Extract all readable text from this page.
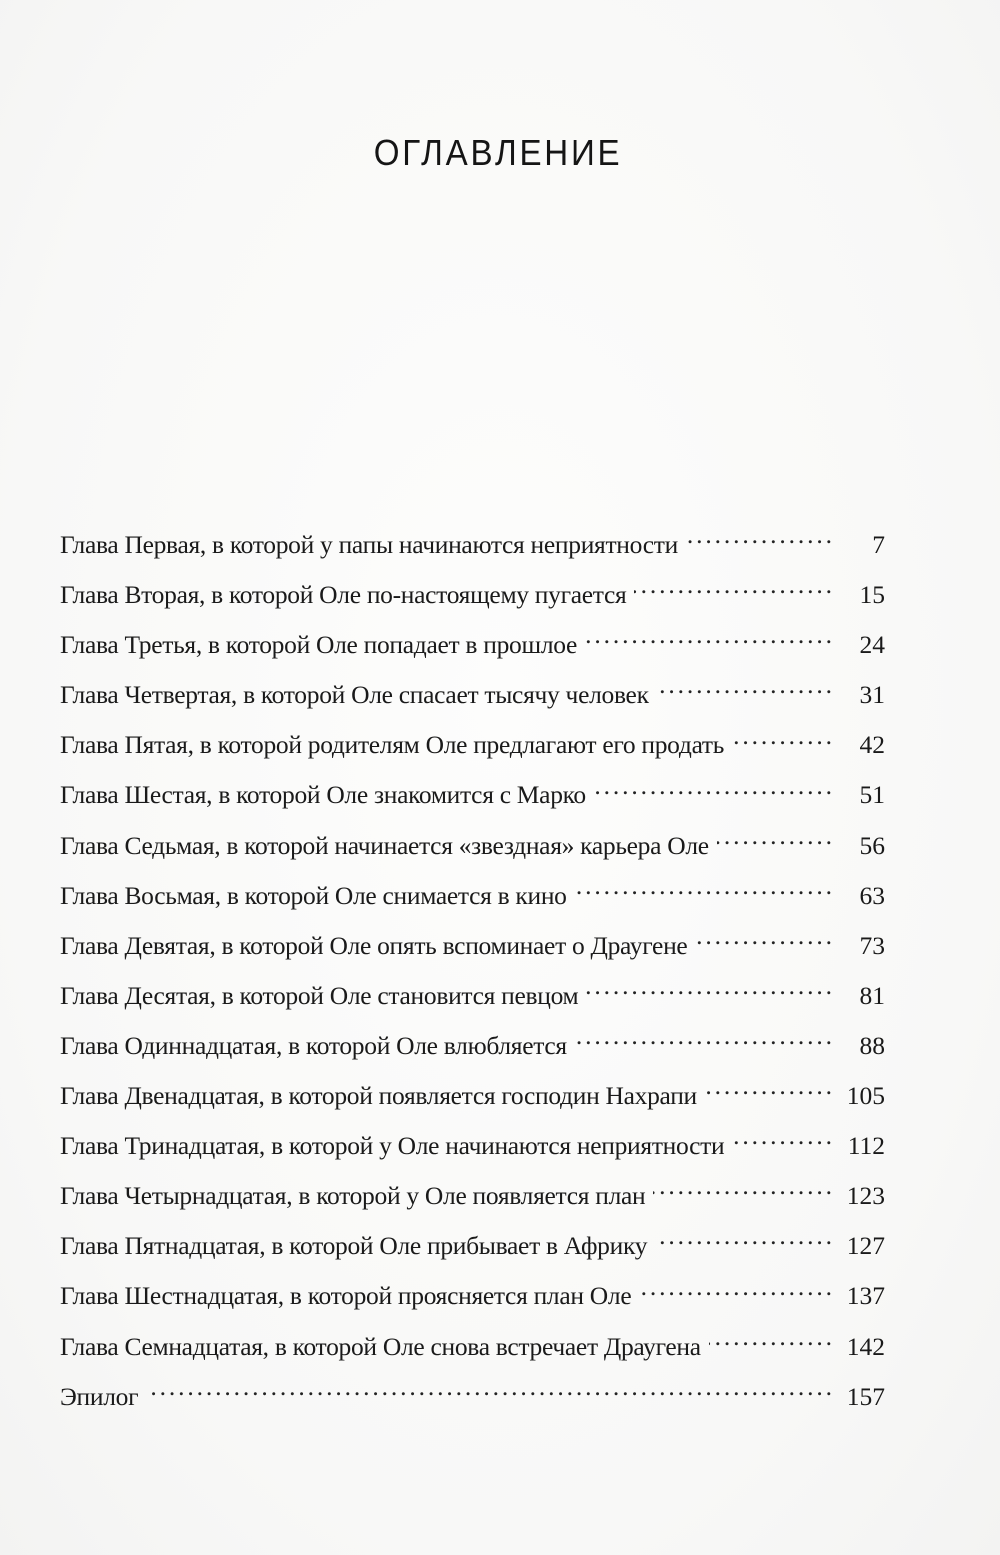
ОГЛАВЛЕНИЕ
Глава Первая, в которой у папы начинаются неприятности . . .	7
Глава Вторая, в которой Оле по-настоящему пугается . . .	15
Глава Третья, в которой Оле попадает в прошлое . . .	24
Глава Четвертая, в которой Оле спасает тысячу человек . . .	31
Глава Пятая, в которой родителям Оле предлагают его продать . . .	42
Глава Шестая, в которой Оле знакомится с Марко . . .	51
Глава Седьмая, в которой начинается «звездная» карьера Оле . . .	56
Глава Восьмая, в которой Оле снимается в кино . . .	63
Глава Девятая, в которой Оле опять вспоминает о Драугене . . .	73
Глава Десятая, в которой Оле становится певцом . . .	81
Глава Одиннадцатая, в которой Оле влюбляется . . .	88
Глава Двенадцатая, в которой появляется господин Нахрапи . . .	105
Глава Тринадцатая, в которой у Оле начинаются неприятности . . .	112
Глава Четырнадцатая, в которой у Оле появляется план . . .	123
Глава Пятнадцатая, в которой Оле прибывает в Африку . . .	127
Глава Шестнадцатая, в которой проясняется план Оле . . .	137
Глава Семнадцатая, в которой Оле снова встречает Драугена . . .	142
Эпилог . . .	157
